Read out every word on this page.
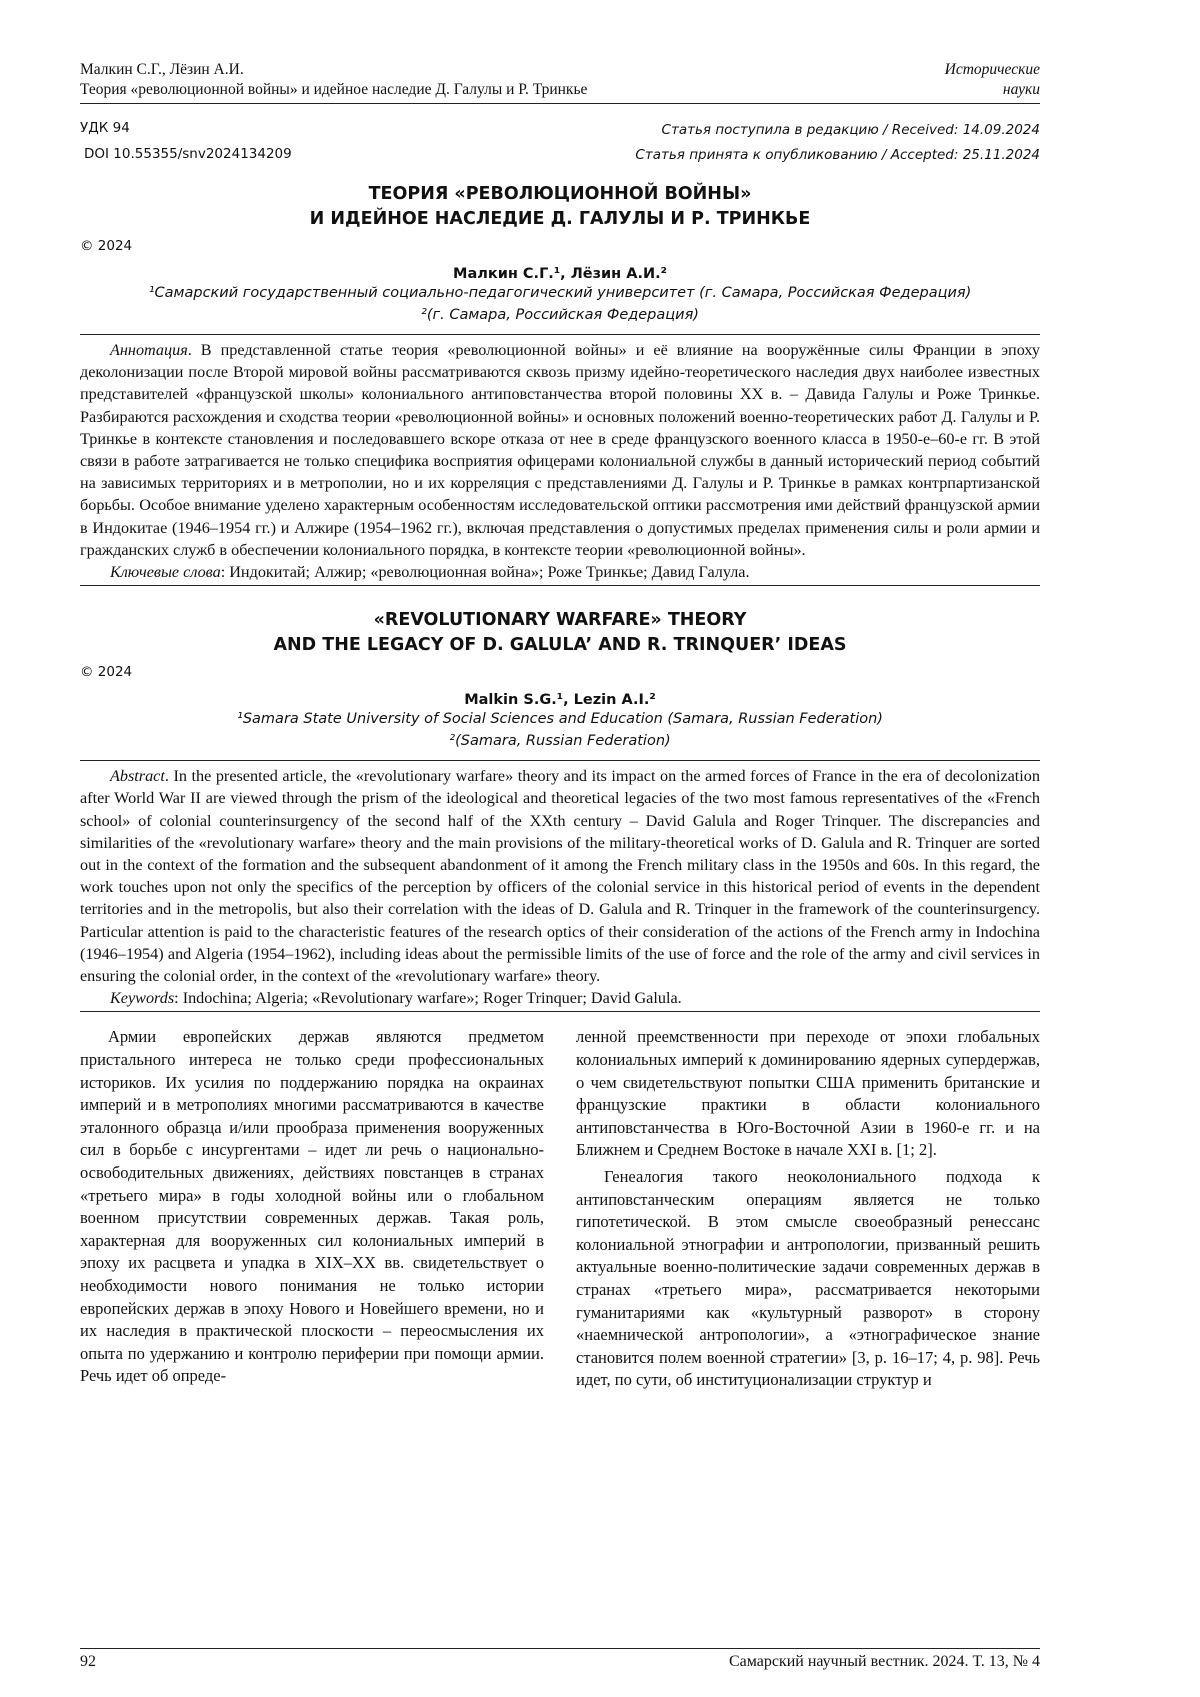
Малкин С.Г., Лёзин А.И.
Теория «революционной войны» и идейное наследие Д. Галулы и Р. Тринкье
Исторические
науки
УДК 94
DOI 10.55355/snv2024134209
Статья поступила в редакцию / Received: 14.09.2024
Статья принята к опубликованию / Accepted: 25.11.2024
ТЕОРИЯ «РЕВОЛЮЦИОННОЙ ВОЙНЫ»
И ИДЕЙНОЕ НАСЛЕДИЕ Д. ГАЛУЛЫ И Р. ТРИНКЬЕ
© 2024
Малкин С.Г.¹, Лёзин А.И.²
¹Самарский государственный социально-педагогический университет (г. Самара, Российская Федерация)
²(г. Самара, Российская Федерация)

Аннотация. В представленной статье теория «революционной войны» и её влияние на вооружённые силы Франции в эпоху деколонизации после Второй мировой войны рассматриваются сквозь призму идейно-теоретического наследия двух наиболее известных представителей «французской школы» колониального антиповстанчества второй половины XX в. – Давида Галулы и Роже Тринкье. Разбираются расхождения и сходства теории «революционной войны» и основных положений военно-теоретических работ Д. Галулы и Р. Тринкье в контексте становления и последовавшего вскоре отказа от нее в среде французского военного класса в 1950-е–60-е гг. В этой связи в работе затрагивается не только специфика восприятия офицерами колониальной службы в данный исторический период событий на зависимых территориях и в метрополии, но и их корреляция с представлениями Д. Галулы и Р. Тринкье в рамках контрпартизанской борьбы. Особое внимание уделено характерным особенностям исследовательской оптики рассмотрения ими действий французской армии в Индокитае (1946–1954 гг.) и Алжире (1954–1962 гг.), включая представления о допустимых пределах применения силы и роли армии и гражданских служб в обеспечении колониального порядка, в контексте теории «революционной войны».

Ключевые слова: Индокитай; Алжир; «революционная война»; Роже Тринкье; Давид Галула.

«REVOLUTIONARY WARFARE» THEORY
AND THE LEGACY OF D. GALULA’ AND R. TRINQUER’ IDEAS
© 2024
Malkin S.G.¹, Lezin A.I.²
¹Samara State University of Social Sciences and Education (Samara, Russian Federation)
²(Samara, Russian Federation)

Abstract. In the presented article, the «revolutionary warfare» theory and its impact on the armed forces of France in the era of decolonization after World War II are viewed through the prism of the ideological and theoretical legacies of the two most famous representatives of the «French school» of colonial counterinsurgency of the second half of the XXth century – David Galula and Roger Trinquer. The discrepancies and similarities of the «revolutionary warfare» theory and the main provisions of the military-theoretical works of D. Galula and R. Trinquer are sorted out in the context of the formation and the subsequent abandonment of it among the French military class in the 1950s and 60s. In this regard, the work touches upon not only the specifics of the perception by officers of the colonial service in this historical period of events in the dependent territories and in the metropolis, but also their correlation with the ideas of D. Galula and R. Trinquer in the framework of the counterinsurgency. Particular attention is paid to the characteristic features of the research optics of their consideration of the actions of the French army in Indochina (1946–1954) and Algeria (1954–1962), including ideas about the permissible limits of the use of force and the role of the army and civil services in ensuring the colonial order, in the context of the «revolutionary warfare» theory.

Keywords: Indochina; Algeria; «Revolutionary warfare»; Roger Trinquer; David Galula.

Армии европейских держав являются предметом пристального интереса не только среди профессиональных историков. Их усилия по поддержанию порядка на окраинах империй и в метрополиях многими рассматриваются в качестве эталонного образца и/или прообраза применения вооруженных сил в борьбе с инсургентами – идет ли речь о национально-освободительных движениях, действиях повстанцев в странах «третьего мира» в годы холодной войны или о глобальном военном присутствии современных держав. Такая роль, характерная для вооруженных сил колониальных империй в эпоху их расцвета и упадка в XIX–XX вв. свидетельствует о необходимости нового понимания не только истории европейских держав в эпоху Нового и Новейшего времени, но и их наследия в практической плоскости – переосмысления их опыта по удержанию и контролю периферии при помощи армии. Речь идет об опреде-

ленной преемственности при переходе от эпохи глобальных колониальных империй к доминированию ядерных супердержав, о чем свидетельствуют попытки США применить британские и французские практики в области колониального антиповстанчества в Юго-Восточной Азии в 1960-е гг. и на Ближнем и Среднем Востоке в начале XXI в. [1; 2].

Генеалогия такого неоколониального подхода к антиповстанческим операциям является не только гипотетической. В этом смысле своеобразный ренессанс колониальной этнографии и антропологии, призванный решить актуальные военно-политические задачи современных держав в странах «третьего мира», рассматривается некоторыми гуманитариями как «культурный разворот» в сторону «наемнической антропологии», а «этнографическое знание становится полем военной стратегии» [3, p. 16–17; 4, p. 98]. Речь идет, по сути, об институционализации структур и

92	Самарский научный вестник. 2024. Т. 13, № 4
